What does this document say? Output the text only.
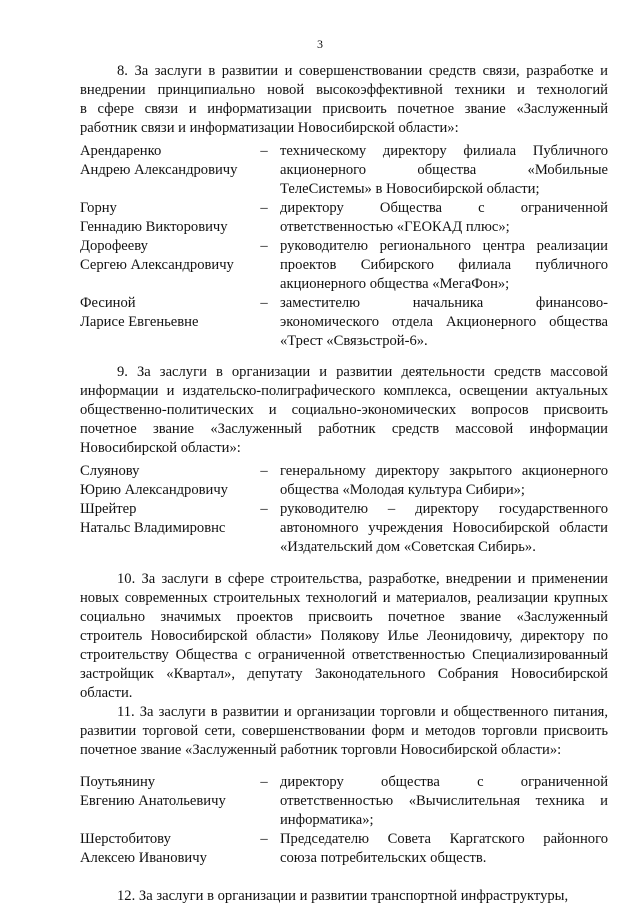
3
8. За заслуги в развитии и совершенствовании средств связи, разработке и
внедрении принципиально новой высокоэффективной техники и технологий
в сфере связи и информатизации присвоить почетное звание «Заслуженный
работник связи и информатизации Новосибирской области»:
Арендаренко
Андрею Александровичу
– техническому директору филиала Публичного
акционерного общества «Мобильные
ТелеСистемы» в Новосибирской области;
Горну
Геннадию Викторовичу
– директору Общества с ограниченной
ответственностью «ГЕОКАД плюс»;
Дорофееву
Сергею Александровичу
– руководителю регионального центра реализации
проектов Сибирского филиала публичного
акционерного общества «МегаФон»;
Фесиной
Ларисе Евгеньевне
– заместителю начальника финансово-
экономического отдела Акционерного общества
«Трест «Связьстрой-6».
9. За заслуги в организации и развитии деятельности средств массовой
информации и издательско-полиграфического комплекса, освещении актуальных
общественно-политических и социально-экономических вопросов присвоить
почетное звание «Заслуженный работник средств массовой информации
Новосибирской области»:
Слуянову
Юрию Александровичу
– генеральному директору закрытого акционерного
общества «Молодая культура Сибири»;
Шрейтер
Натальс Владимировнс
– руководителю – директору государственного
автономного учреждения Новосибирской области
«Издательский дом «Советская Сибирь».
10. За заслуги в сфере строительства, разработке, внедрении и применении
новых современных строительных технологий и материалов, реализации крупных
социально значимых проектов присвоить почетное звание «Заслуженный
строитель Новосибирской области» Полякову Илье Леонидовичу, директору по
строительству Общества с ограниченной ответственностью Специализированный
застройщик «Квартал», депутату Законодательного Собрания Новосибирской
области.
11. За заслуги в развитии и организации торговли и общественного питания,
развитии торговой сети, совершенствовании форм и методов торговли присвоить
почетное звание «Заслуженный работник торговли Новосибирской области»:
Поутьянину
Евгению Анатольевичу
– директору общества с ограниченной
ответственностью «Вычислительная техника и
информатика»;
Шерстобитову
Алексею Ивановичу
– Председателю Совета Каргатского районного
союза потребительских обществ.
12. За заслуги в организации и развитии транспортной инфраструктуры,
